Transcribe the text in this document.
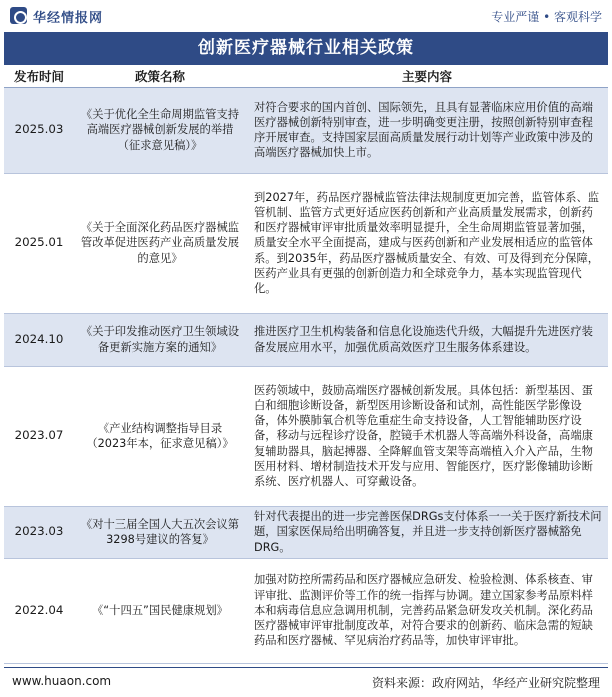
华经情报网	专业严谨 • 客观科学
创新医疗器械行业相关政策
发布时间	政策名称	主要内容
2025.03	《关于优化全生命周期监管支持高端医疗器械创新发展的举措（征求意见稿）》	对符合要求的国内首创、国际领先，且具有显著临床应用价值的高端医疗器械创新特别审查，进一步明确变更注册，按照创新特别审查程序开展审查。支持国家层面高质量发展行动计划等产业政策中涉及的高端医疗器械加快上市。
2025.01	《关于全面深化药品医疗器械监管改革促进医药产业高质量发展的意见》	到2027年，药品医疗器械监管法律法规制度更加完善，监管体系、监管机制、监管方式更好适应医药创新和产业高质量发展需求，创新药和医疗器械审评审批质量效率明显提升，全生命周期监管显著加强，质量安全水平全面提高，建成与医药创新和产业发展相适应的监管体系。到2035年，药品医疗器械质量安全、有效、可及得到充分保障，医药产业具有更强的创新创造力和全球竞争力，基本实现监管现代化。
2024.10	《关于印发推动医疗卫生领域设备更新实施方案的通知》	推进医疗卫生机构装备和信息化设施迭代升级，大幅提升先进医疗装备发展应用水平，加强优质高效医疗卫生服务体系建设。
2023.07	《产业结构调整指导目录（2023年本，征求意见稿）》	医药领域中，鼓励高端医疗器械创新发展。具体包括：新型基因、蛋白和细胞诊断设备，新型医用诊断设备和试剂，高性能医学影像设备，体外膜肺氧合机等危重症生命支持设备，人工智能辅助医疗设备，移动与远程诊疗设备，腔镜手术机器人等高端外科设备，高端康复辅助器具，脑起搏器、全降解血管支架等高端植入介入产品，生物医用材料、增材制造技术开发与应用、智能医疗，医疗影像辅助诊断系统、医疗机器人、可穿戴设备。
2023.03	《对十三届全国人大五次会议第3298号建议的答复》	针对代表提出的进一步完善医保DRGs支付体系一一关于医疗新技术问题，国家医保局给出明确答复，并且进一步支持创新医疗器械豁免DRG。
2022.04	《“十四五”国民健康规划》	加强对防控所需药品和医疗器械应急研发、检验检测、体系核查、审评审批、监测评价等工作的统一指挥与协调。建立国家参考品原料样本和病毒信息应急调用机制，完善药品紧急研发攻关机制。深化药品医疗器械审评审批制度改革，对符合要求的创新药、临床急需的短缺药品和医疗器械、罕见病治疗药品等，加快审评审批。
www.huaon.com	资料来源：政府网站，华经产业研究院整理
